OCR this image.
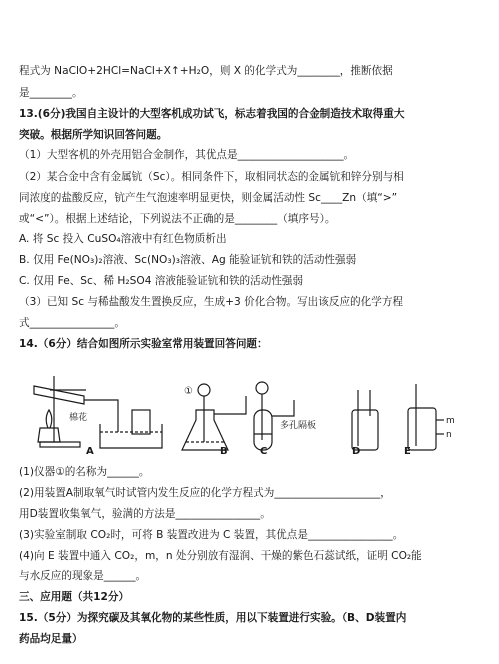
程式为 NaClO+2HCl=NaCl+X↑+H₂O，则 X 的化学式为________，推断依据
是________。
13.(6分)我国自主设计的大型客机成功试飞，标志着我国的合金制造技术取得重大
突破。根据所学知识回答问题。
（1）大型客机的外壳用铝合金制作，其优点是____________________。
（2）某合金中含有金属钪（Sc）。相同条件下，取相同状态的金属钪和锌分别与相
同浓度的盐酸反应，钪产生气泡速率明显更快，则金属活动性 Sc____Zn（填“>”
或“<”）。根据上述结论，下列说法不正确的是________（填序号）。
A. 将 Sc 投入 CuSO₄溶液中有红色物质析出
B. 仅用 Fe(NO₃)₂溶液、Sc(NO₃)₃溶液、Ag 能验证钪和铁的活动性强弱
C. 仅用 Fe、Sc、稀 H₂SO4 溶液能验证钪和铁的活动性强弱
（3）已知 Sc 与稀盐酸发生置换反应，生成+3 价化合物。写出该反应的化学方程
式________________。
14.（6分）结合如图所示实验室常用装置回答问题：
棉花
①
多孔隔板	m
n
A	B	C	D	E
(1)仪器①的名称为______。
(2)用装置A制取氧气时试管内发生反应的化学方程式为____________________，
用D装置收集氧气，验满的方法是________________。
(3)实验室制取 CO₂时，可将 B 装置改进为 C 装置，其优点是________________。
(4)向 E 装置中通入 CO₂，m，n 处分别放有湿润、干燥的紫色石蕊试纸，证明 CO₂能
与水反应的现象是______。
三、应用题（共12分）
15.（5分）为探究碳及其氧化物的某些性质，用以下装置进行实验。（B、D装置内
药品均足量）
